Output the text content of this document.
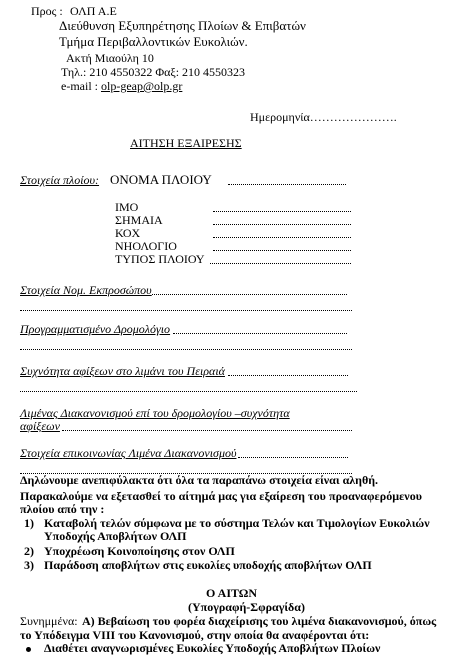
Προς : ΟΛΠ Α.Ε
Διεύθυνση Εξυπηρέτησης Πλοίων & Επιβατών
Τμήμα Περιβαλλοντικών Ευκολιών.
Ακτή Μιαούλη 10
Τηλ.: 210 4550322 Φαξ: 210 4550323
e-mail : olp-geap@olp.gr
Ημερομηνία………………….
ΑΙΤΗΣΗ ΕΞΑΙΡΕΣΗΣ
Στοιχεία πλοίου: ΟΝΟΜΑ ΠΛΟΙΟΥ
ΙΜΟ
ΣΗΜΑΙΑ
ΚΟΧ
ΝΗΟΛΟΓΙΟ
ΤΥΠΟΣ ΠΛΟΙΟΥ
Στοιχεία Νομ. Εκπροσώπου
Προγραμματισμένο Δρομολόγιο
Συχνότητα αφίξεων στο λιμάνι του Πειραιά
Λιμένας Διακανονισμού επί του δρομολογίου –συχνότητα
αφίξεων
Στοιχεία επικοινωνίας Λιμένα Διακανονισμού
Δηλώνουμε ανεπιφύλακτα ότι όλα τα παραπάνω στοιχεία είναι αληθή.
Παρακαλούμε να εξετασθεί το αίτημά μας για εξαίρεση του προαναφερόμενου
πλοίου από την :
1) Καταβολή τελών σύμφωνα με το σύστημα Τελών και Τιμολογίων Ευκολιών
Υποδοχής Αποβλήτων ΟΛΠ
2) Υποχρέωση Κοινοποίησης στον ΟΛΠ
3) Παράδοση αποβλήτων στις ευκολίες υποδοχής αποβλήτων ΟΛΠ
Ο ΑΙΤΩΝ
(Υπογραφή-Σφραγίδα)
Συνημμένα: Α) Βεβαίωση του φορέα διαχείρισης του λιμένα διακανονισμού, όπως
το Υπόδειγμα VIII του Κανονισμού, στην οποία θα αναφέρονται ότι:
Διαθέτει αναγνωρισμένες Ευκολίες Υποδοχής Αποβλήτων Πλοίων
